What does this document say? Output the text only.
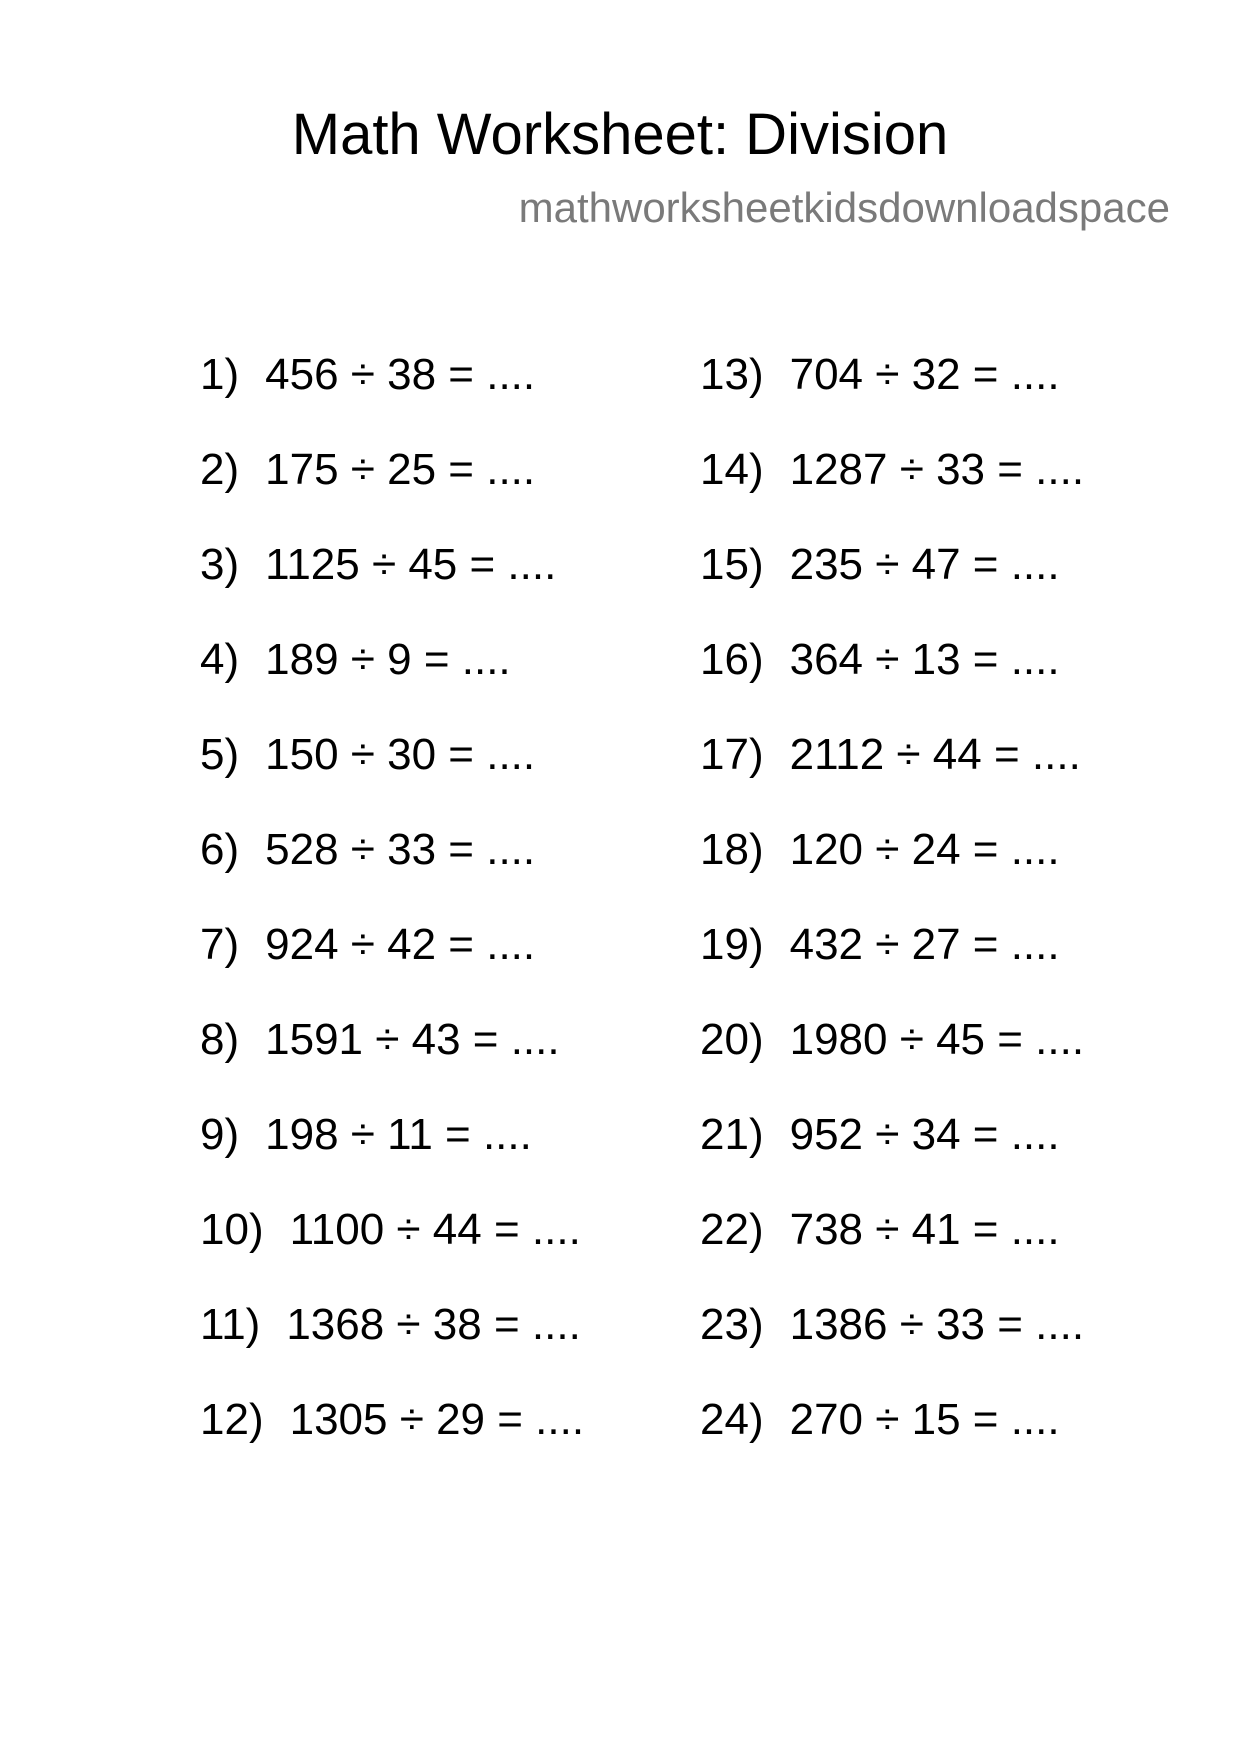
Math Worksheet: Division
mathworksheetkidsdownloadspace
1) 456 ÷ 38 = ....
2) 175 ÷ 25 = ....
3) 1125 ÷ 45 = ....
4) 189 ÷ 9 = ....
5) 150 ÷ 30 = ....
6) 528 ÷ 33 = ....
7) 924 ÷ 42 = ....
8) 1591 ÷ 43 = ....
9) 198 ÷ 11 = ....
10) 1100 ÷ 44 = ....
11) 1368 ÷ 38 = ....
12) 1305 ÷ 29 = ....
13) 704 ÷ 32 = ....
14) 1287 ÷ 33 = ....
15) 235 ÷ 47 = ....
16) 364 ÷ 13 = ....
17) 2112 ÷ 44 = ....
18) 120 ÷ 24 = ....
19) 432 ÷ 27 = ....
20) 1980 ÷ 45 = ....
21) 952 ÷ 34 = ....
22) 738 ÷ 41 = ....
23) 1386 ÷ 33 = ....
24) 270 ÷ 15 = ....
